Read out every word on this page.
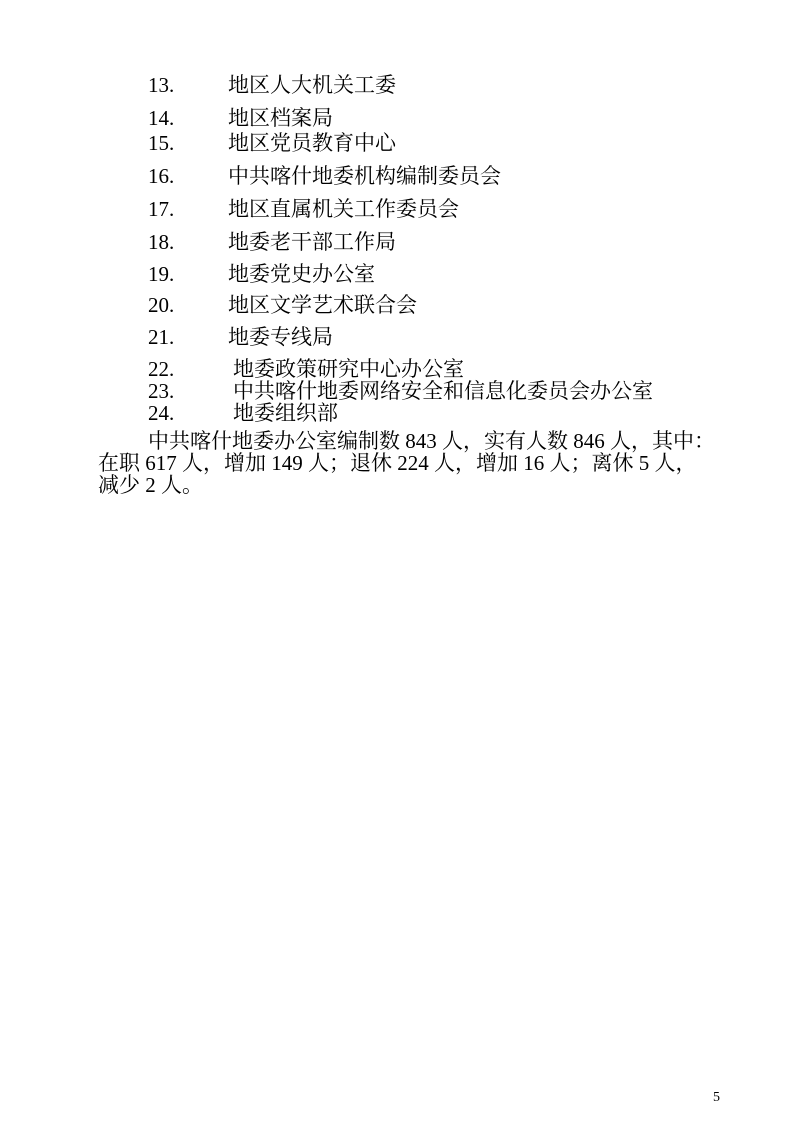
13.	地区人大机关工委
14.	地区档案局
15.	地区党员教育中心
16.	中共喀什地委机构编制委员会
17.	地区直属机关工作委员会
18.	地委老干部工作局
19.	地委党史办公室
20.	地区文学艺术联合会
21.	地委专线局
22.	地委政策研究中心办公室
23.	中共喀什地委网络安全和信息化委员会办公室
24.	地委组织部
中共喀什地委办公室编制数 843 人，实有人数 846 人，其中：
在职 617 人，增加 149 人；退休 224 人，增加 16 人；离休 5 人，
减少 2 人。
5
